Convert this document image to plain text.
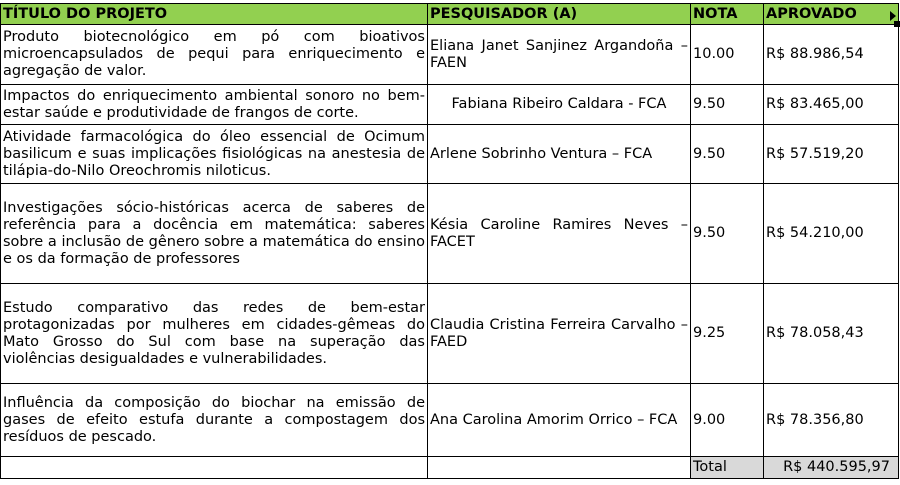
TÍTULO DO PROJETO	PESQUISADOR (A)	NOTA	APROVADO

Produto biotecnológico em pó com bioativos microencapsulados de pequi para enriquecimento e agregação de valor.	Eliana Janet Sanjinez Argandoña – FAEN	10.00	R$ 88.986,54
Impactos do enriquecimento ambiental sonoro no bem-estar saúde e produtividade de frangos de corte.	Fabiana Ribeiro Caldara - FCA	9.50	R$ 83.465,00
Atividade farmacológica do óleo essencial de Ocimum basilicum e suas implicações fisiológicas na anestesia de tilápia-do-Nilo Oreochromis niloticus.	Arlene Sobrinho Ventura – FCA	9.50	R$ 57.519,20
Investigações sócio-históricas acerca de saberes de referência para a docência em matemática: saberes sobre a inclusão de gênero sobre a matemática do ensino e os da formação de professores	Késia Caroline Ramires Neves – FACET	9.50	R$ 54.210,00
Estudo comparativo das redes de bem-estar protagonizadas por mulheres em cidades-gêmeas do Mato Grosso do Sul com base na superação das violências desigualdades e vulnerabilidades.	Claudia Cristina Ferreira Carvalho – FAED	9.25	R$ 78.058,43
Influência da composição do biochar na emissão de gases de efeito estufa durante a compostagem dos resíduos de pescado.	Ana Carolina Amorim Orrico – FCA	9.00	R$ 78.356,80
		Total	R$ 440.595,97
